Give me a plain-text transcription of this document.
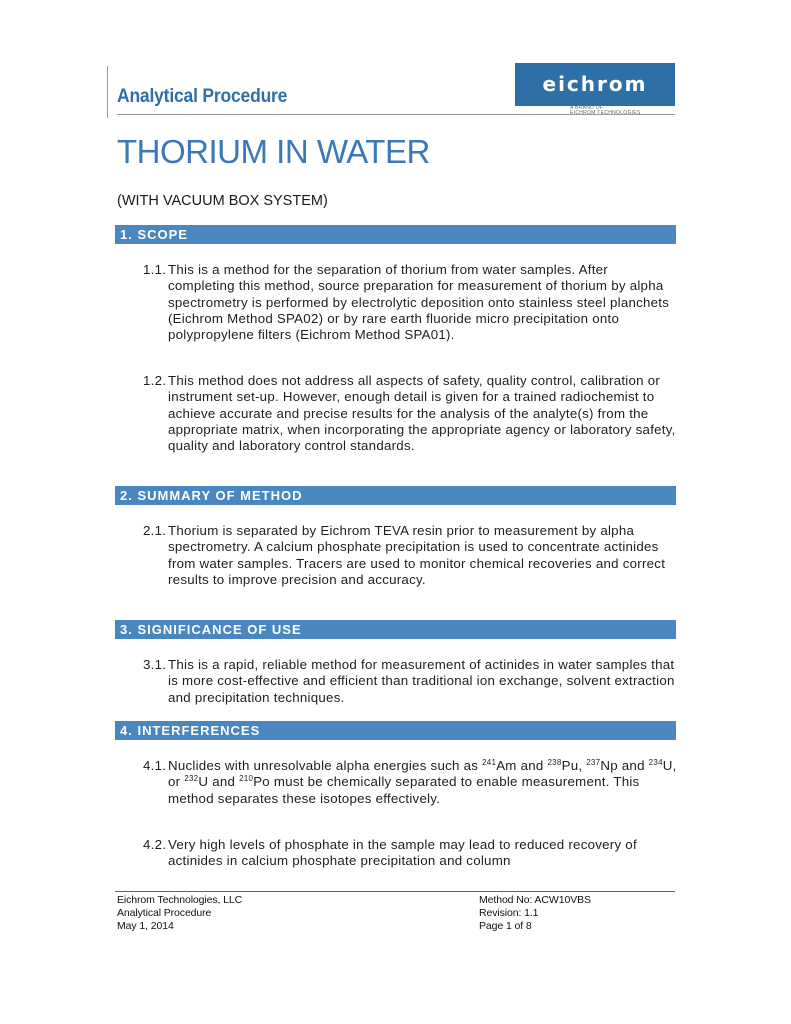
Analytical Procedure
eichrom
A BRAND OF
EICHROM TECHNOLOGIES
THORIUM IN WATER
(WITH VACUUM BOX SYSTEM)
1. SCOPE
1.1. This is a method for the separation of thorium from water samples. After completing this method, source preparation for measurement of thorium by alpha spectrometry is performed by electrolytic deposition onto stainless steel planchets (Eichrom Method SPA02) or by rare earth fluoride micro precipitation onto polypropylene filters (Eichrom Method SPA01).
1.2. This method does not address all aspects of safety, quality control, calibration or instrument set-up. However, enough detail is given for a trained radiochemist to achieve accurate and precise results for the analysis of the analyte(s) from the appropriate matrix, when incorporating the appropriate agency or laboratory safety, quality and laboratory control standards.
2. SUMMARY OF METHOD
2.1. Thorium is separated by Eichrom TEVA resin prior to measurement by alpha spectrometry. A calcium phosphate precipitation is used to concentrate actinides from water samples. Tracers are used to monitor chemical recoveries and correct results to improve precision and accuracy.
3. SIGNIFICANCE OF USE
3.1. This is a rapid, reliable method for measurement of actinides in water samples that is more cost-effective and efficient than traditional ion exchange, solvent extraction and precipitation techniques.
4. INTERFERENCES
4.1. Nuclides with unresolvable alpha energies such as $^{241}$Am and $^{238}$Pu, $^{237}$Np and $^{234}$U, or $^{232}$U and $^{210}$Po must be chemically separated to enable measurement. This method separates these isotopes effectively.
4.2. Very high levels of phosphate in the sample may lead to reduced recovery of actinides in calcium phosphate precipitation and column
Eichrom Technologies, LLC
Analytical Procedure
May 1, 2014
Method No: ACW10VBS
Revision: 1.1
Page 1 of 8
